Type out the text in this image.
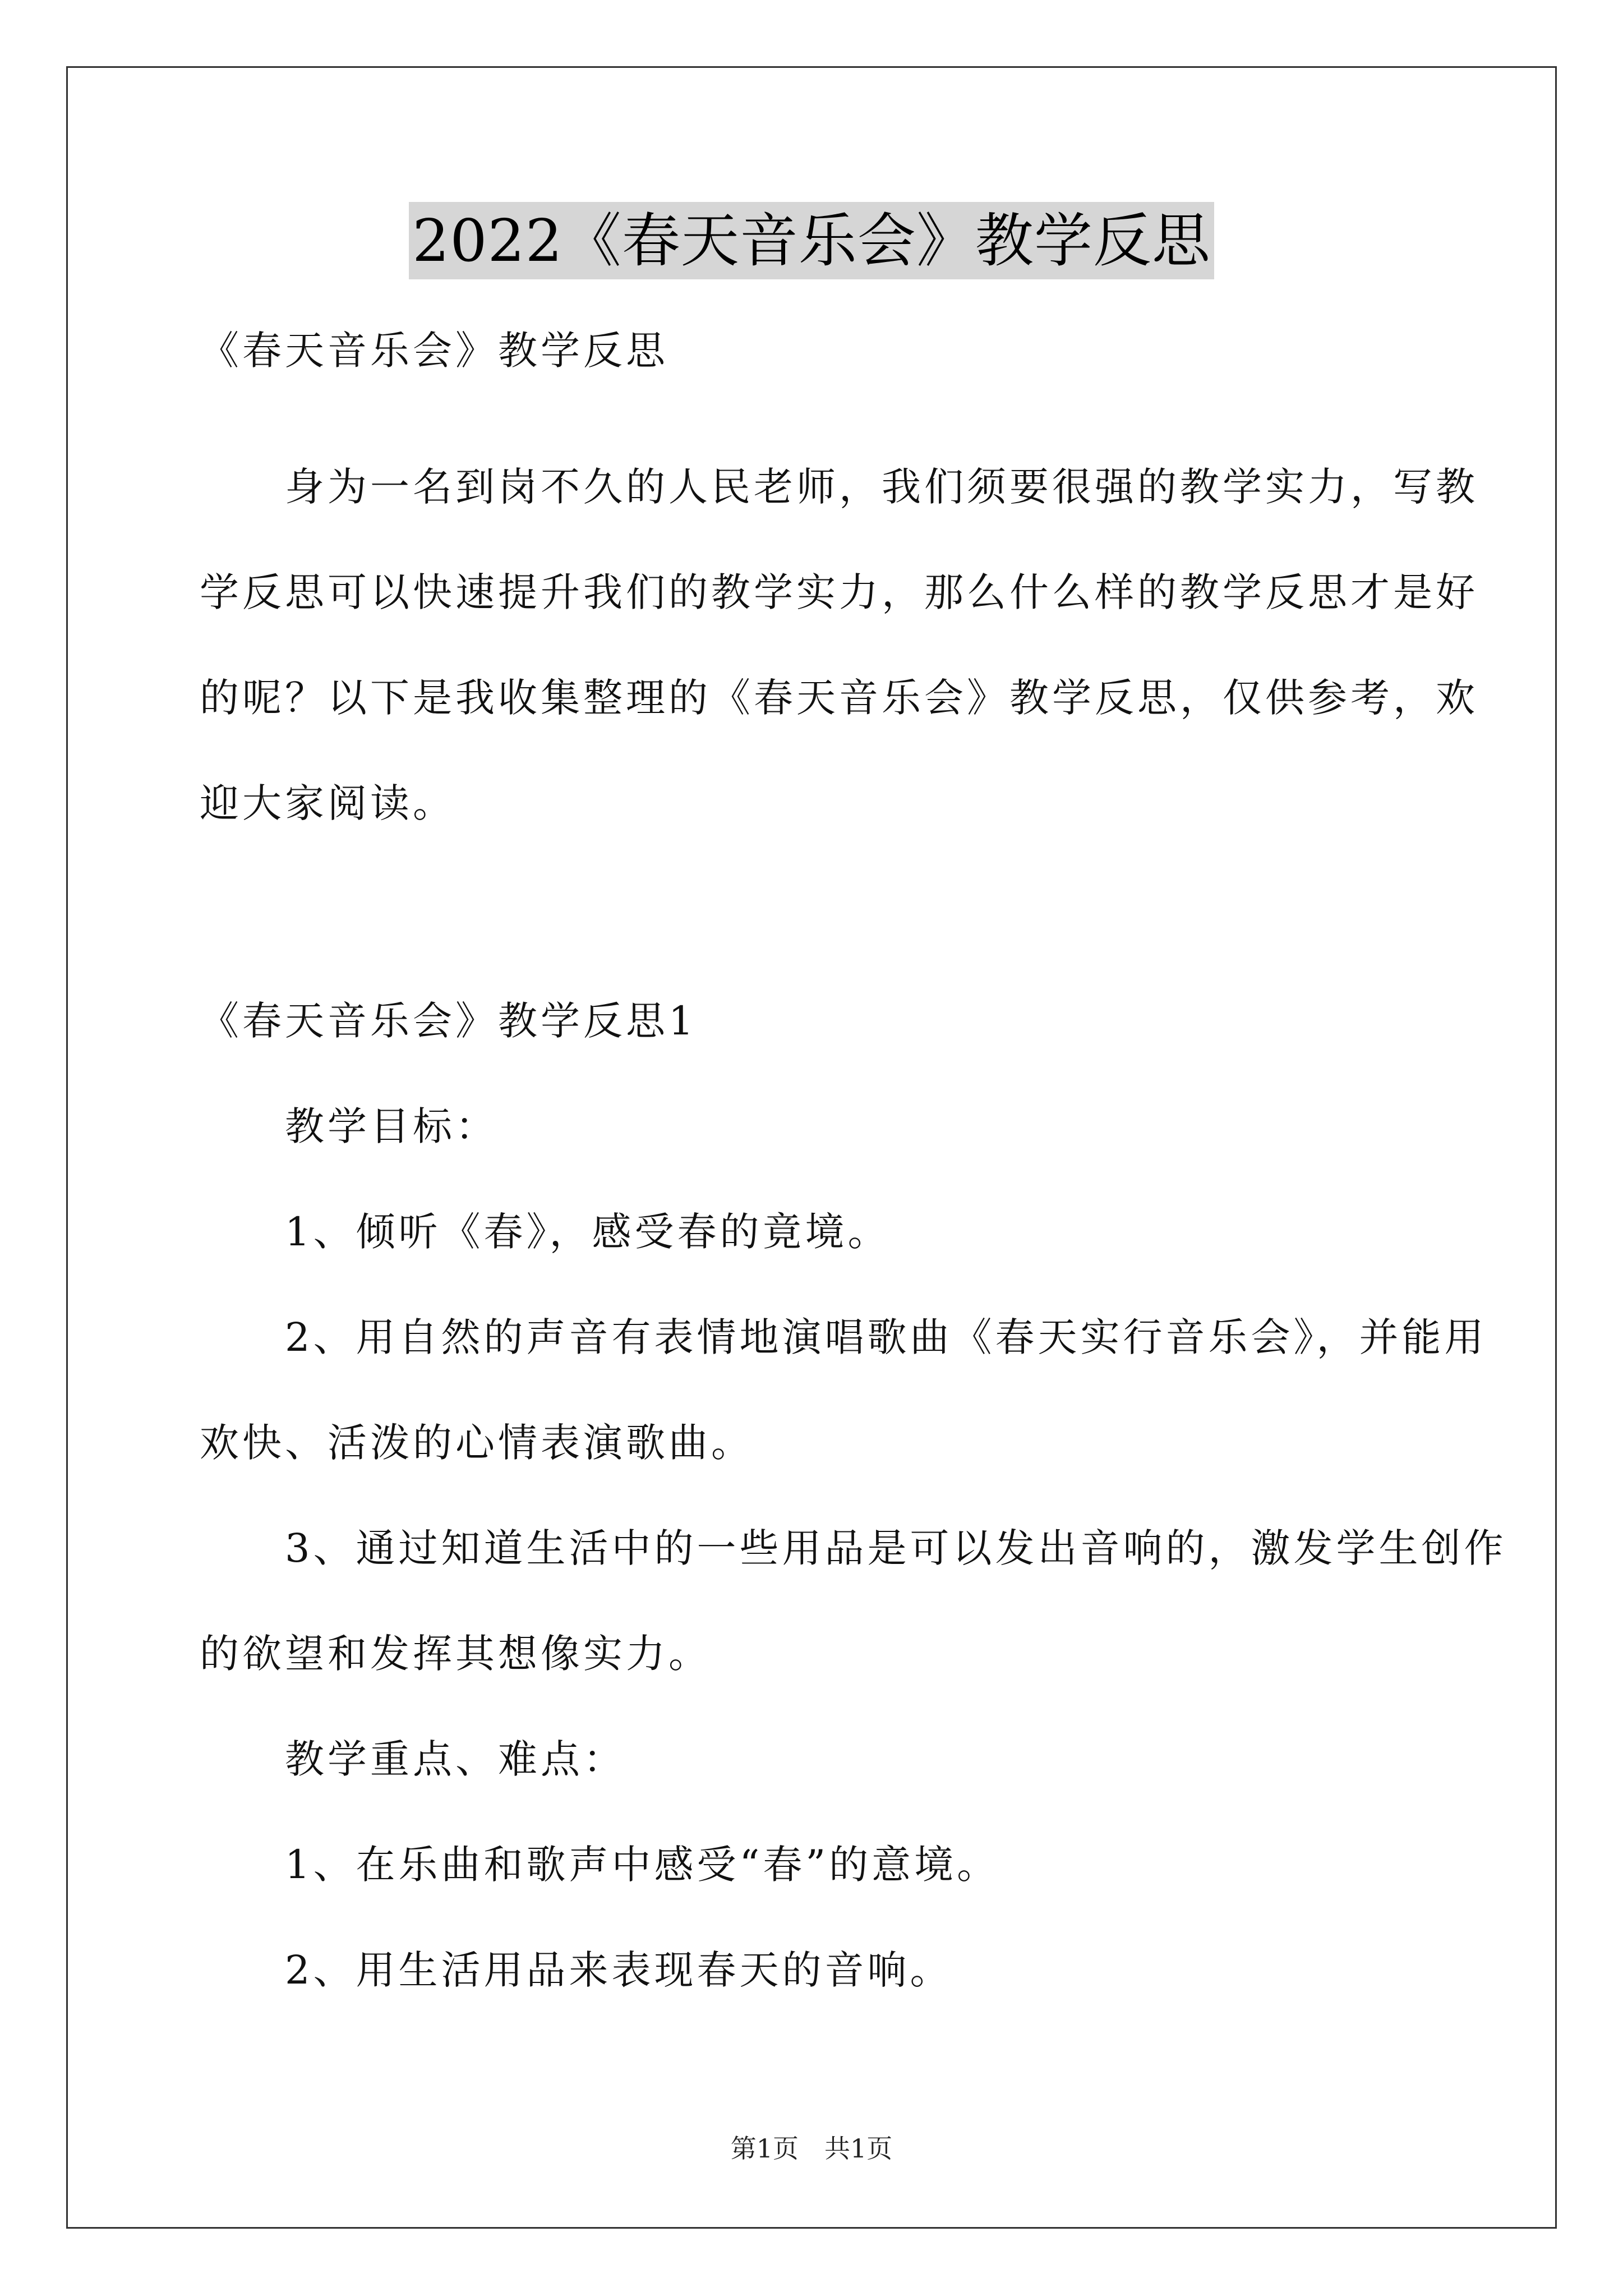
2022《春天音乐会》教学反思
《春天音乐会》教学反思
　　身为一名到岗不久的人民老师，我们须要很强的教学实力，写教
学反思可以快速提升我们的教学实力，那么什么样的教学反思才是好
的呢？以下是我收集整理的《春天音乐会》教学反思，仅供参考，欢
迎大家阅读。
《春天音乐会》教学反思1
　　教学目标：
　　1、倾听《春》，感受春的竟境。
　　2、用自然的声音有表情地演唱歌曲《春天实行音乐会》，并能用
欢快、活泼的心情表演歌曲。
　　3、通过知道生活中的一些用品是可以发出音响的，激发学生创作
的欲望和发挥其想像实力。
　　教学重点、难点：
　　1、在乐曲和歌声中感受“春”的意境。
　　2、用生活用品来表现春天的音响。
第1页　共1页
